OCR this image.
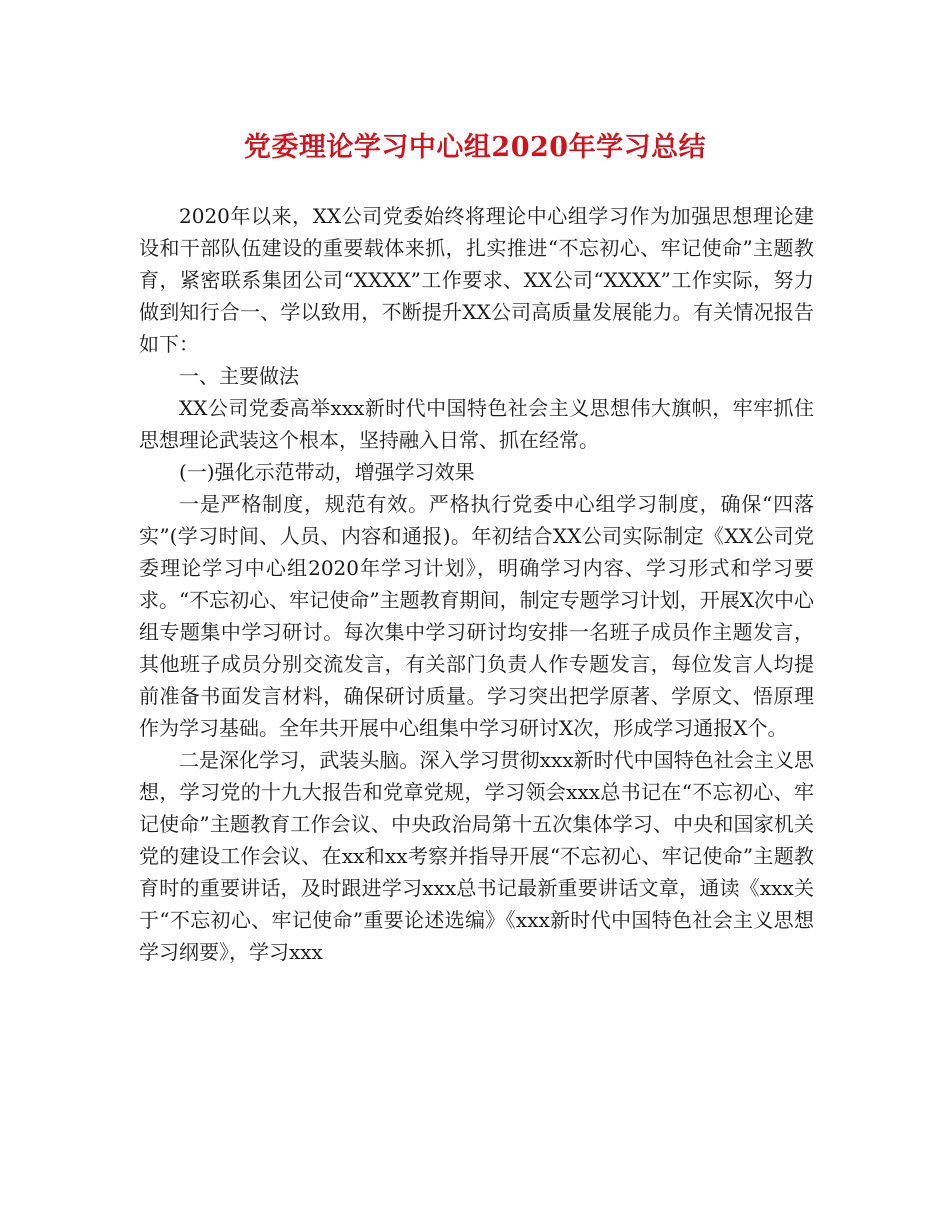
党委理论学习中心组2020年学习总结

2020年以来，XX公司党委始终将理论中心组学习作为加强思想理论建设和干部队伍建设的重要载体来抓，扎实推进“不忘初心、牢记使命”主题教育，紧密联系集团公司“XXXX”工作要求、XX公司“XXXX”工作实际，努力做到知行合一、学以致用，不断提升XX公司高质量发展能力。有关情况报告如下：

一、主要做法

XX公司党委高举xxx新时代中国特色社会主义思想伟大旗帜，牢牢抓住思想理论武装这个根本，坚持融入日常、抓在经常。

(一)强化示范带动，增强学习效果

一是严格制度，规范有效。严格执行党委中心组学习制度，确保“四落实”(学习时间、人员、内容和通报)。年初结合XX公司实际制定《XX公司党委理论学习中心组2020年学习计划》，明确学习内容、学习形式和学习要求。“不忘初心、牢记使命”主题教育期间，制定专题学习计划，开展X次中心组专题集中学习研讨。每次集中学习研讨均安排一名班子成员作主题发言，其他班子成员分别交流发言，有关部门负责人作专题发言，每位发言人均提前准备书面发言材料，确保研讨质量。学习突出把学原著、学原文、悟原理作为学习基础。全年共开展中心组集中学习研讨X次，形成学习通报X个。

二是深化学习，武装头脑。深入学习贯彻xxx新时代中国特色社会主义思想，学习党的十九大报告和党章党规，学习领会xxx总书记在“不忘初心、牢记使命”主题教育工作会议、中央政治局第十五次集体学习、中央和国家机关党的建设工作会议、在xx和xx考察并指导开展“不忘初心、牢记使命”主题教育时的重要讲话，及时跟进学习xxx总书记最新重要讲话文章，通读《xxx关于“不忘初心、牢记使命”重要论述选编》《xxx新时代中国特色社会主义思想学习纲要》，学习xxx
